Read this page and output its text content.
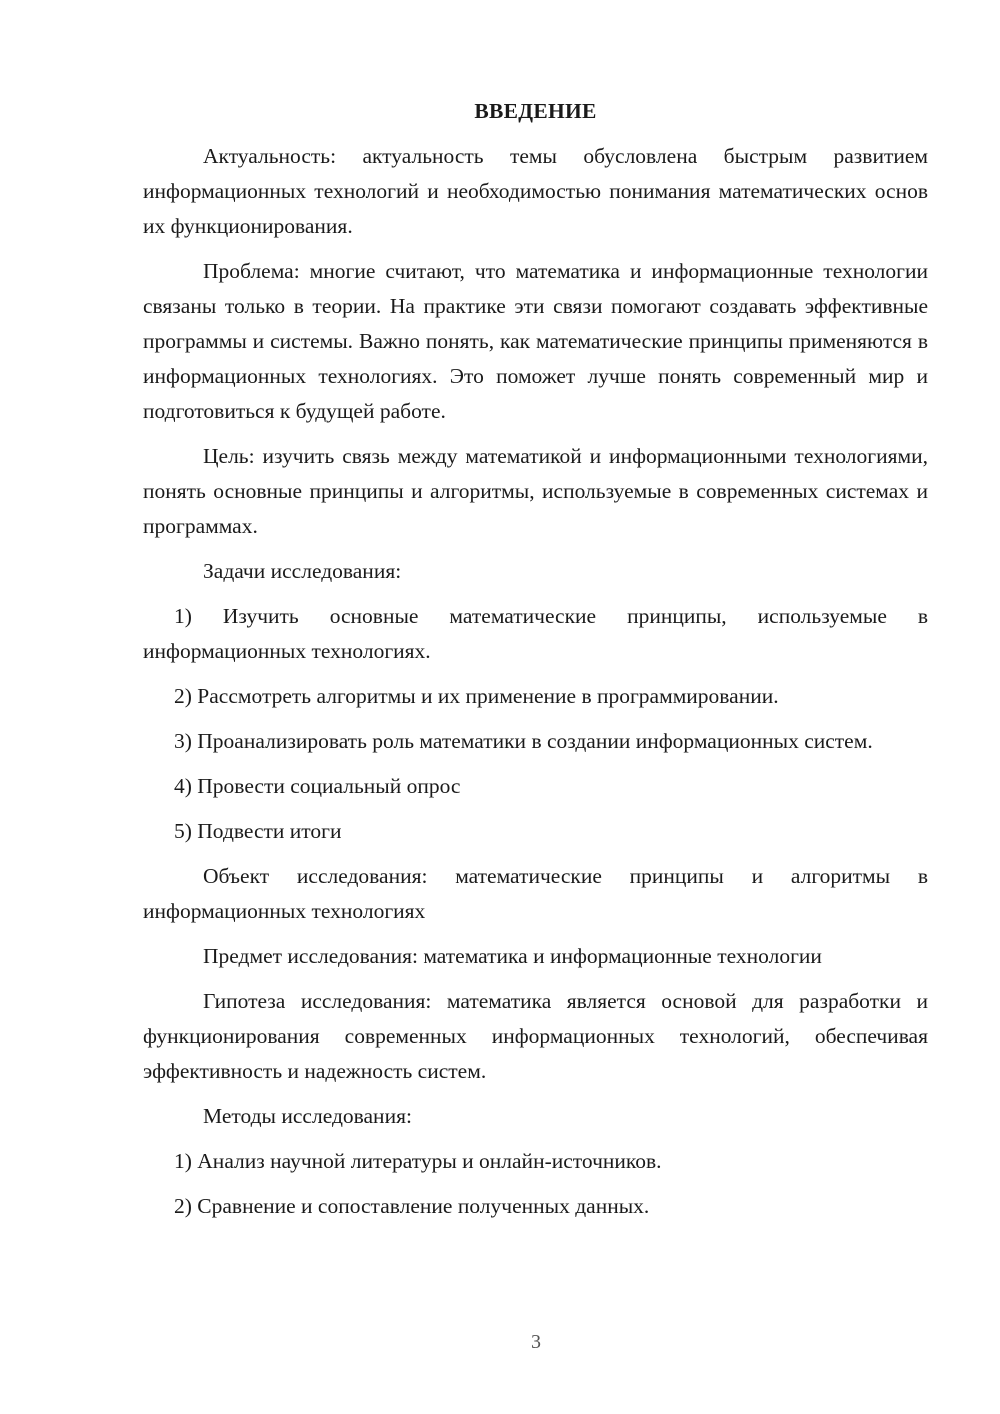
ВВЕДЕНИЕ
Актуальность: актуальность темы обусловлена быстрым развитием информационных технологий и необходимостью понимания математических основ их функционирования.
Проблема: многие считают, что математика и информационные технологии связаны только в теории. На практике эти связи помогают создавать эффективные программы и системы. Важно понять, как математические принципы применяются в информационных технологиях. Это поможет лучше понять современный мир и подготовиться к будущей работе.
Цель: изучить связь между математикой и информационными технологиями, понять основные принципы и алгоритмы, используемые в современных системах и программах.
Задачи исследования:
1) Изучить основные математические принципы, используемые в информационных технологиях.
2) Рассмотреть алгоритмы и их применение в программировании.
3) Проанализировать роль математики в создании информационных систем.
4) Провести социальный опрос
5) Подвести итоги
Объект исследования: математические принципы и алгоритмы в информационных технологиях
Предмет исследования: математика и информационные технологии
Гипотеза исследования: математика является основой для разработки и функционирования современных информационных технологий, обеспечивая эффективность и надежность систем.
Методы исследования:
1) Анализ научной литературы и онлайн-источников.
2) Сравнение и сопоставление полученных данных.
3
